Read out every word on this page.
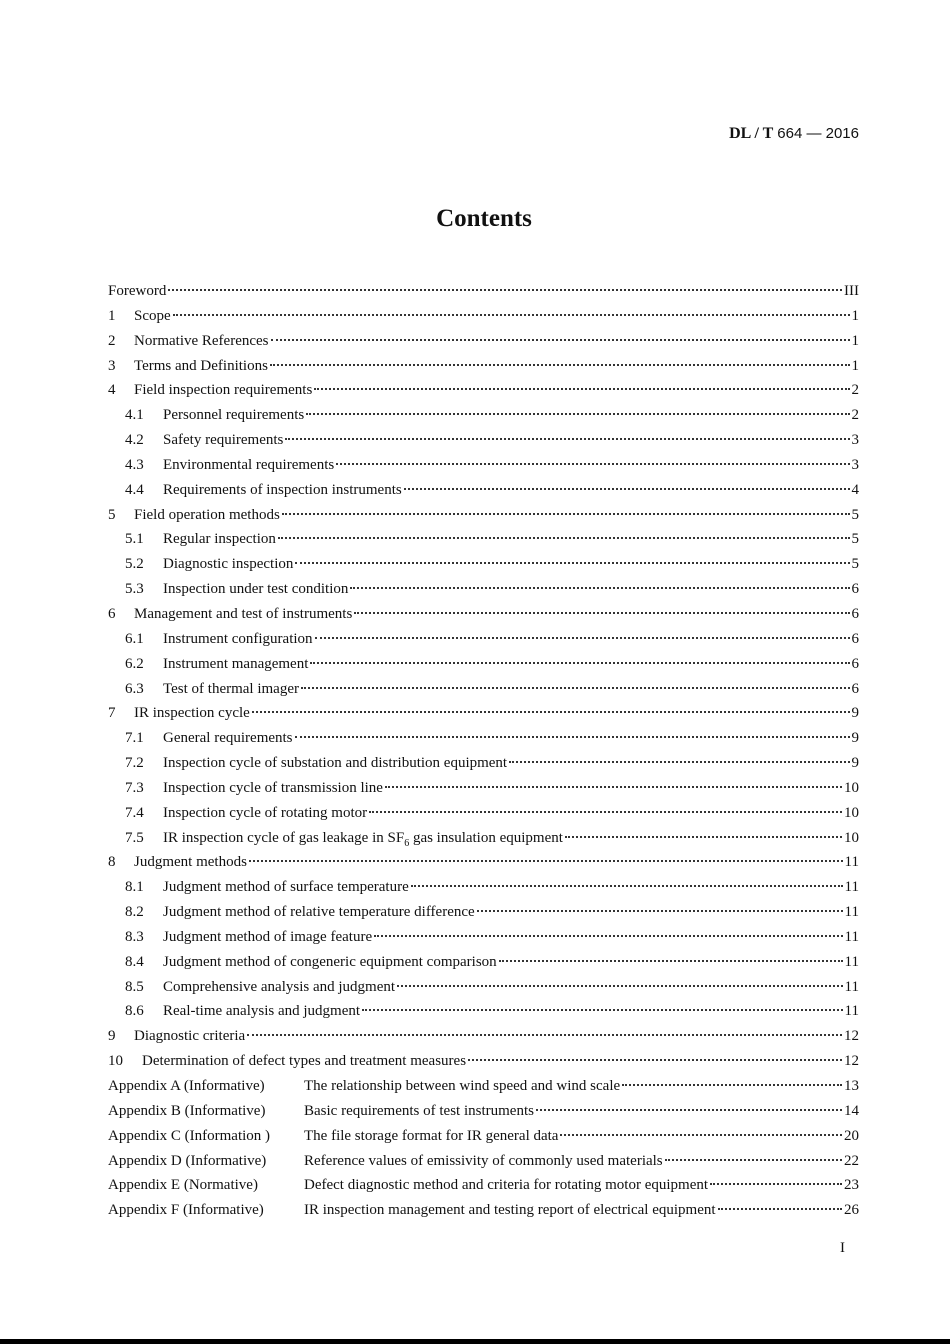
DL / T 664 — 2016
Contents
Foreword	III
1	Scope	1
2	Normative References	1
3	Terms and Definitions	1
4	Field inspection requirements	2
4.1	Personnel requirements	2
4.2	Safety requirements	3
4.3	Environmental requirements	3
4.4	Requirements of inspection instruments	4
5	Field operation methods	5
5.1	Regular inspection	5
5.2	Diagnostic inspection	5
5.3	Inspection under test condition	6
6	Management and test of instruments	6
6.1	Instrument configuration	6
6.2	Instrument management	6
6.3	Test of thermal imager	6
7	IR inspection cycle	9
7.1	General requirements	9
7.2	Inspection cycle of substation and distribution equipment	9
7.3	Inspection cycle of transmission line	10
7.4	Inspection cycle of rotating motor	10
7.5	IR inspection cycle of gas leakage in $SF_6$ gas insulation equipment	10
8	Judgment methods	11
8.1	Judgment method of surface temperature	11
8.2	Judgment method of relative temperature difference	11
8.3	Judgment method of image feature	11
8.4	Judgment method of congeneric equipment comparison	11
8.5	Comprehensive analysis and judgment	11
8.6	Real-time analysis and judgment	11
9	Diagnostic criteria	12
10	Determination of defect types and treatment measures	12
Appendix A (Informative)	The relationship between wind speed and wind scale	13
Appendix B (Informative)	Basic requirements of test instruments	14
Appendix C (Information )	The file storage format for IR general data	20
Appendix D (Informative)	Reference values of emissivity of commonly used materials	22
Appendix E (Normative)	Defect diagnostic method and criteria for rotating motor equipment	23
Appendix F (Informative)	IR inspection management and testing report of electrical equipment	26
I
